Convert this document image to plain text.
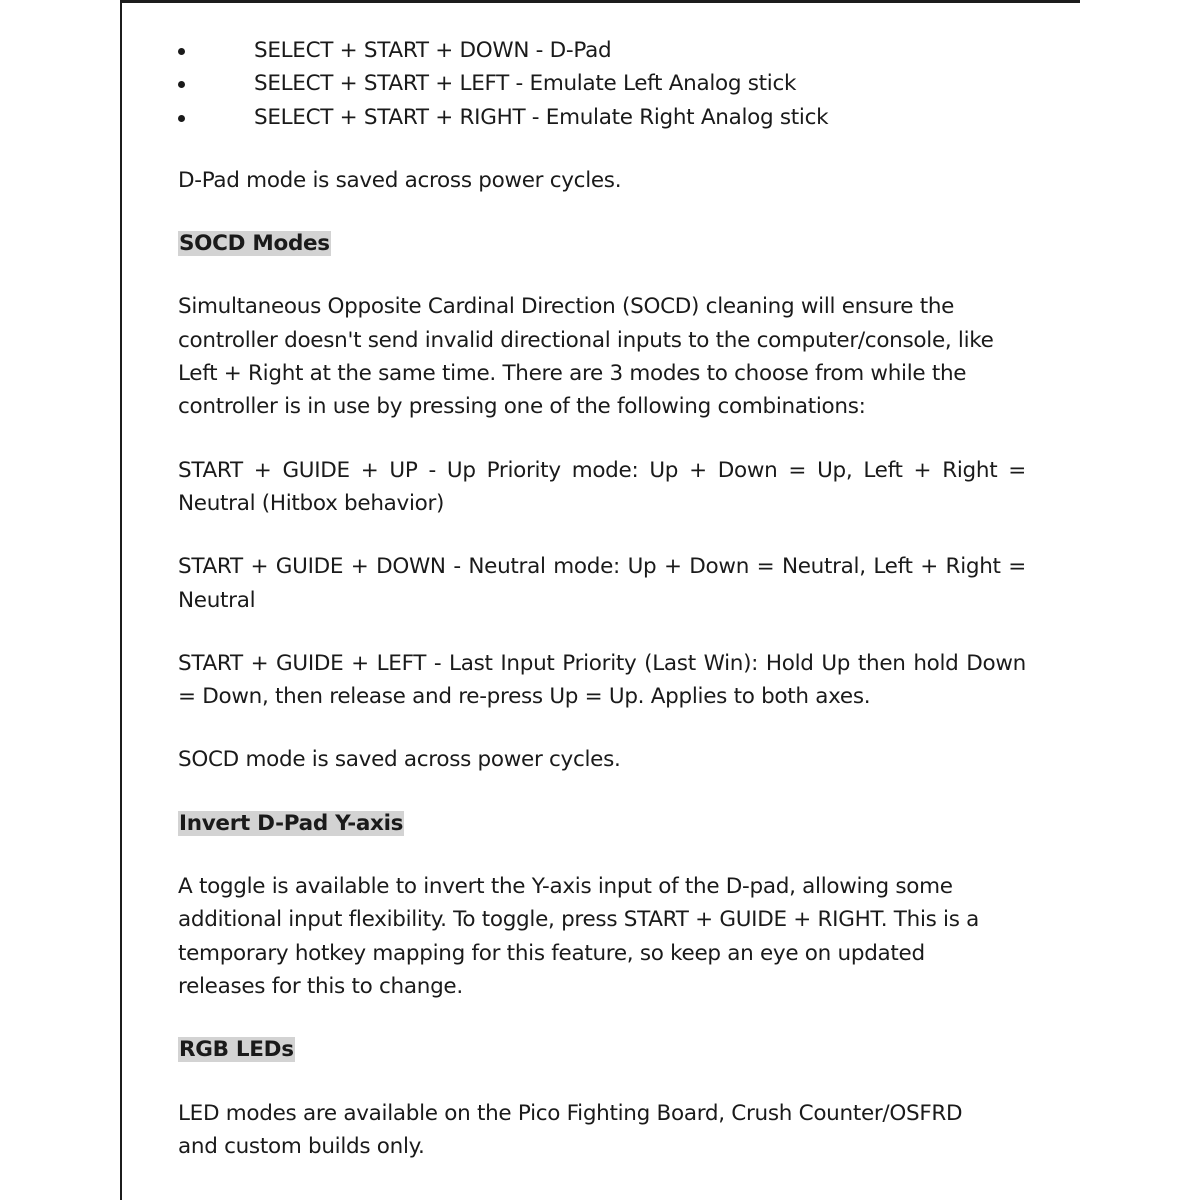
SELECT + START + DOWN - D-Pad
SELECT + START + LEFT - Emulate Left Analog stick
SELECT + START + RIGHT - Emulate Right Analog stick

D-Pad mode is saved across power cycles.

SOCD Modes

Simultaneous Opposite Cardinal Direction (SOCD) cleaning will ensure the controller doesn't send invalid directional inputs to the computer/console, like Left + Right at the same time. There are 3 modes to choose from while the controller is in use by pressing one of the following combinations:

START + GUIDE + UP - Up Priority mode: Up + Down = Up, Left + Right = Neutral (Hitbox behavior)

START + GUIDE + DOWN - Neutral mode: Up + Down = Neutral, Left + Right = Neutral

START + GUIDE + LEFT - Last Input Priority (Last Win): Hold Up then hold Down = Down, then release and re-press Up = Up. Applies to both axes.

SOCD mode is saved across power cycles.

Invert D-Pad Y-axis

A toggle is available to invert the Y-axis input of the D-pad, allowing some additional input flexibility. To toggle, press START + GUIDE + RIGHT. This is a temporary hotkey mapping for this feature, so keep an eye on updated releases for this to change.

RGB LEDs

LED modes are available on the Pico Fighting Board, Crush Counter/OSFRD and custom builds only.
